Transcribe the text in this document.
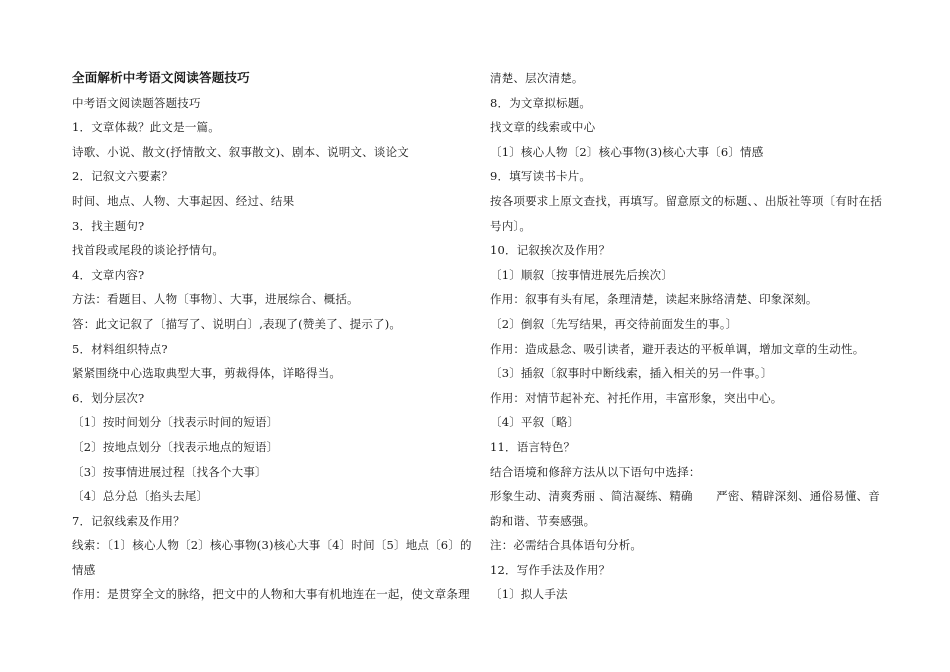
全面解析中考语文阅读答题技巧
中考语文阅读题答题技巧
1．文章体裁？此文是一篇。
诗歌、小说、散文(抒情散文、叙事散文)、剧本、说明文、谈论文
2．记叙文六要素？
时间、地点、人物、大事起因、经过、结果
3．找主题句?
找首段或尾段的谈论抒情句。
4．文章内容?
方法：看题目、人物〔事物〕、大事，进展综合、概括。
答：此文记叙了〔描写了、说明白〕,表现了(赞美了、提示了)。
5．材料组织特点?
紧紧围绕中心选取典型大事，剪裁得体，详略得当。
6．划分层次?
〔1〕按时间划分〔找表示时间的短语〕
〔2〕按地点划分〔找表示地点的短语〕
〔3〕按事情进展过程〔找各个大事〕
〔4〕总分总〔掐头去尾〕
7．记叙线索及作用？
线索：〔1〕核心人物〔2〕核心事物(3)核心大事〔4〕时间〔5〕地点〔6〕的
情感
作用：是贯穿全文的脉络，把文中的人物和大事有机地连在一起，使文章条理
清楚、层次清楚。
8．为文章拟标题。
找文章的线索或中心
〔1〕核心人物〔2〕核心事物(3)核心大事〔6〕情感
9．填写读书卡片。
按各项要求上原文查找，再填写。留意原文的标题、、出版社等项〔有时在括
号内〕。
10．记叙挨次及作用？
〔1〕顺叙〔按事情进展先后挨次〕
作用：叙事有头有尾，条理清楚，读起来脉络清楚、印象深刻。
〔2〕倒叙〔先写结果，再交待前面发生的事。〕
作用：造成悬念、吸引读者，避开表达的平板单调，增加文章的生动性。
〔3〕插叙〔叙事时中断线索，插入相关的另一件事。〕
作用：对情节起补充、衬托作用，丰富形象，突出中心。
〔4〕平叙〔略〕
11．语言特色？
结合语境和修辞方法从以下语句中选择：
形象生动、清爽秀丽 、简洁凝练、精确　　严密、精辟深刻、通俗易懂、音
韵和谐、节奏感强。
注：必需结合具体语句分析。
12．写作手法及作用？
〔1〕拟人手法
